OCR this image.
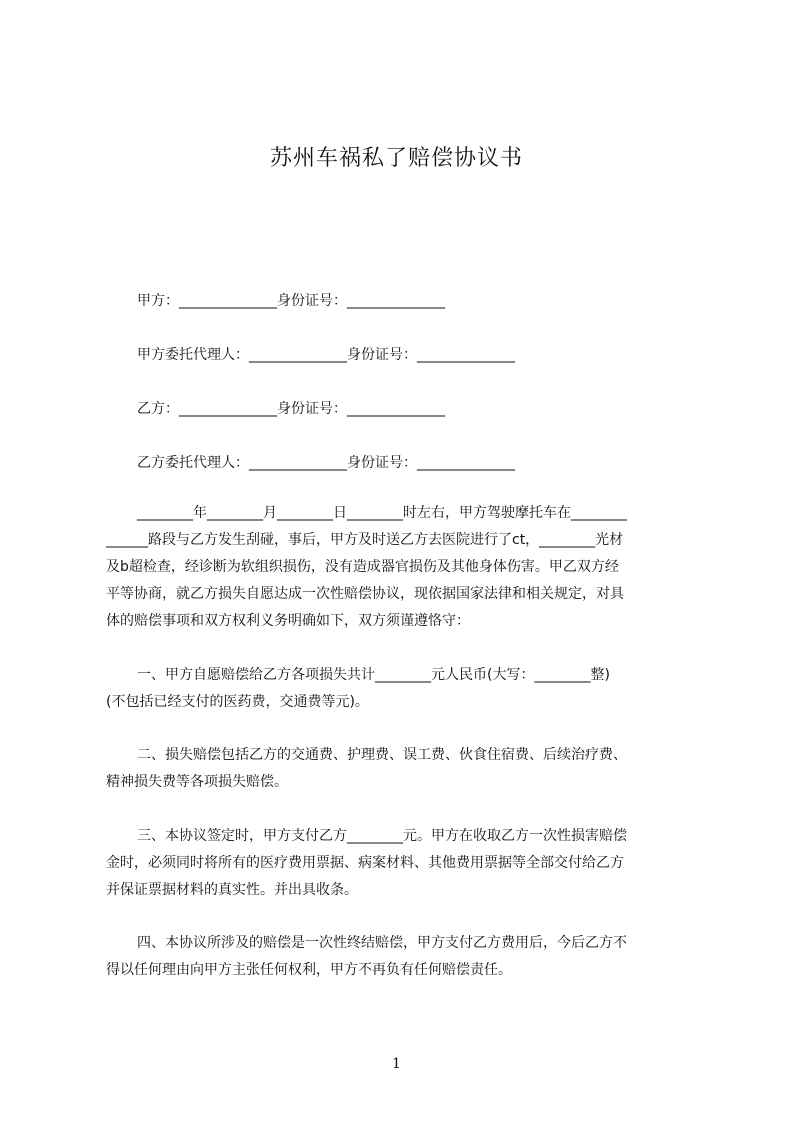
苏州车祸私了赔偿协议书
甲方：______________身份证号：______________
甲方委托代理人：______________身份证号：______________
乙方：______________身份证号：______________
乙方委托代理人：______________身份证号：______________
________年________月________日________时左右，甲方驾驶摩托车在________
______路段与乙方发生刮碰，事后，甲方及时送乙方去医院进行了ct，________光材
及b超检查，经诊断为软组织损伤，没有造成器官损伤及其他身体伤害。甲乙双方经
平等协商，就乙方损失自愿达成一次性赔偿协议，现依据国家法律和相关规定，对具
体的赔偿事项和双方权利义务明确如下，双方须谨遵恪守：
一、甲方自愿赔偿给乙方各项损失共计________元人民币(大写：________整)
(不包括已经支付的医药费，交通费等元)。
二、损失赔偿包括乙方的交通费、护理费、误工费、伙食住宿费、后续治疗费、
精神损失费等各项损失赔偿。
三、本协议签定时，甲方支付乙方________元。甲方在收取乙方一次性损害赔偿
金时，必须同时将所有的医疗费用票据、病案材料、其他费用票据等全部交付给乙方
并保证票据材料的真实性。并出具收条。
四、本协议所涉及的赔偿是一次性终结赔偿，甲方支付乙方费用后，今后乙方不
得以任何理由向甲方主张任何权利，甲方不再负有任何赔偿责任。
1
